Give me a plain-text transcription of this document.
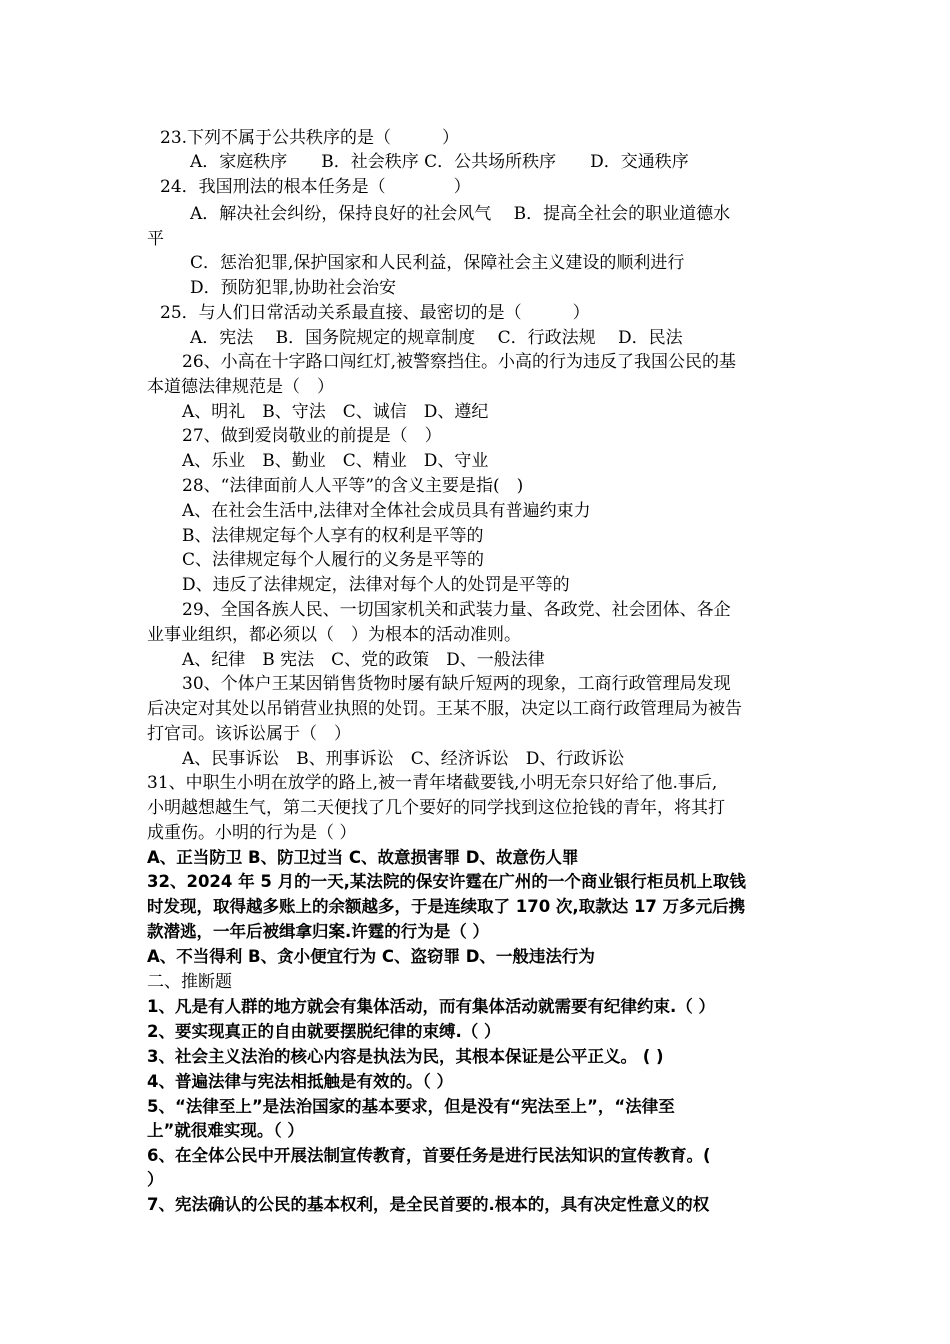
23.下列不属于公共秩序的是（　　　）
A．家庭秩序　　B．社会秩序 C．公共场所秩序　　D．交通秩序
24．我国刑法的根本任务是（　　　　）
A．解决社会纠纷，保持良好的社会风气　 B．提高全社会的职业道德水
平
C．惩治犯罪,保护国家和人民利益，保障社会主义建设的顺利进行
D．预防犯罪,协助社会治安
25．与人们日常活动关系最直接、最密切的是（　　　）
A．宪法　 B．国务院规定的规章制度　 C．行政法规　 D．民法
26、小高在十字路口闯红灯,被警察挡住。小高的行为违反了我国公民的基
本道德法律规范是（　）
A、明礼　B、守法　C、诚信　D、遵纪
27、做到爱岗敬业的前提是（　）
A、乐业　B、勤业　C、精业　D、守业
28、“法律面前人人平等”的含义主要是指(　)
A、在社会生活中,法律对全体社会成员具有普遍约束力
B、法律规定每个人享有的权利是平等的
C、法律规定每个人履行的义务是平等的
D、违反了法律规定，法律对每个人的处罚是平等的
29、全国各族人民、一切国家机关和武装力量、各政党、社会团体、各企
业事业组织，都必须以（　）为根本的活动准则。
A、纪律　B 宪法　C、党的政策　D、一般法律
30、个体户王某因销售货物时屡有缺斤短两的现象，工商行政管理局发现
后决定对其处以吊销营业执照的处罚。王某不服，决定以工商行政管理局为被告
打官司。该诉讼属于（　）
A、民事诉讼　B、刑事诉讼　C、经济诉讼　D、行政诉讼
31、中职生小明在放学的路上,被一青年堵截要钱,小明无奈只好给了他.事后,
小明越想越生气，第二天便找了几个要好的同学找到这位抢钱的青年，将其打
成重伤。小明的行为是（ ）
A、正当防卫 B、防卫过当 C、故意损害罪 D、故意伤人罪
32、2024 年 5 月的一天,某法院的保安许霆在广州的一个商业银行柜员机上取钱
时发现，取得越多账上的余额越多，于是连续取了 170 次,取款达 17 万多元后携
款潜逃，一年后被缉拿归案.许霆的行为是（ ）
A、不当得利 B、贪小便宜行为 C、盗窃罪 D、一般违法行为
二、推断题
1、凡是有人群的地方就会有集体活动，而有集体活动就需要有纪律约束.（ ）
2、要实现真正的自由就要摆脱纪律的束缚.（ ）
3、社会主义法治的核心内容是执法为民，其根本保证是公平正义。 ( )
4、普遍法律与宪法相抵触是有效的。（ ）
5、“法律至上”是法治国家的基本要求，但是没有“宪法至上”，“法律至
上”就很难实现。（ ）
6、在全体公民中开展法制宣传教育，首要任务是进行民法知识的宣传教育。(
）
7、宪法确认的公民的基本权利，是全民首要的.根本的，具有决定性意义的权
